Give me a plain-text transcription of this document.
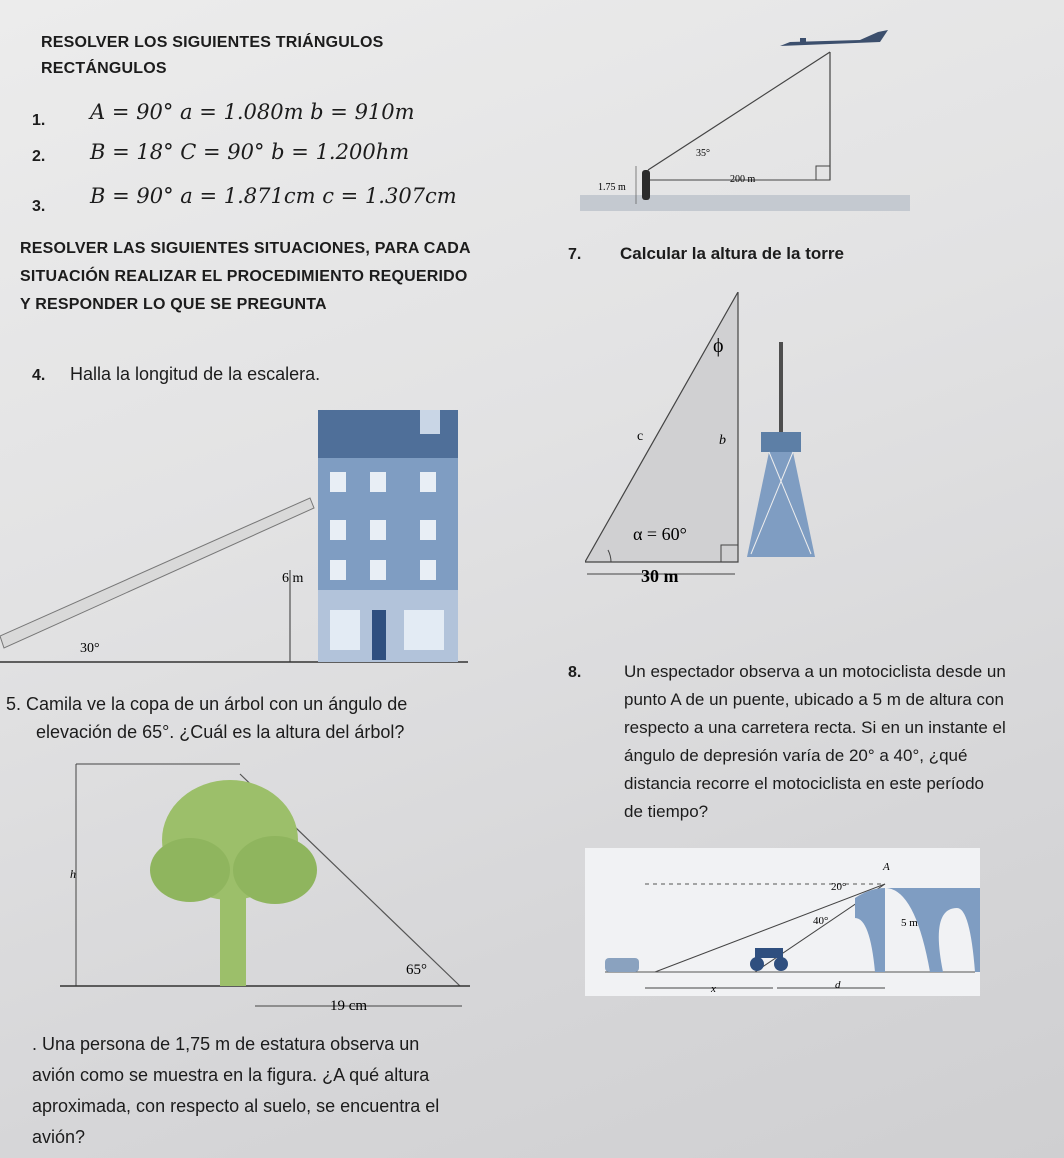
RESOLVER LOS SIGUIENTES TRIÁNGULOS

RECTÁNGULOS

1. A = 90° a = 1.080m b = 910m

2. B = 18° C = 90° b = 1.200hm

3. B = 90° a = 1.871cm c = 1.307cm

RESOLVER LAS SIGUIENTES SITUACIONES, PARA CADA

SITUACIÓN REALIZAR EL PROCEDIMIENTO REQUERIDO

Y RESPONDER LO QUE SE PREGUNTA

4. Halla la longitud de la escalera.

5. Camila ve la copa de un árbol con un ángulo de

elevación de 65°. ¿Cuál es la altura del árbol?

. Una persona de 1,75 m de estatura observa un

avión como se muestra en la figura. ¿A qué altura

aproximada, con respecto al suelo, se encuentra el

avión?

7. Calcular la altura de la torre

8.	Un espectador observa a un motociclista desde un

punto A de un puente, ubicado a 5 m de altura con

respecto a una carretera recta. Si en un instante el

ángulo de depresión varía de 20° a 40°, ¿qué

distancia recorre el motociclista en este período

de tiempo?

35°
1.75 m
200 m
6 m
30°
ϕ
c	b
α = 60°
30 m
h
65°
19 cm
A
20°
40°	5 m
x	d
